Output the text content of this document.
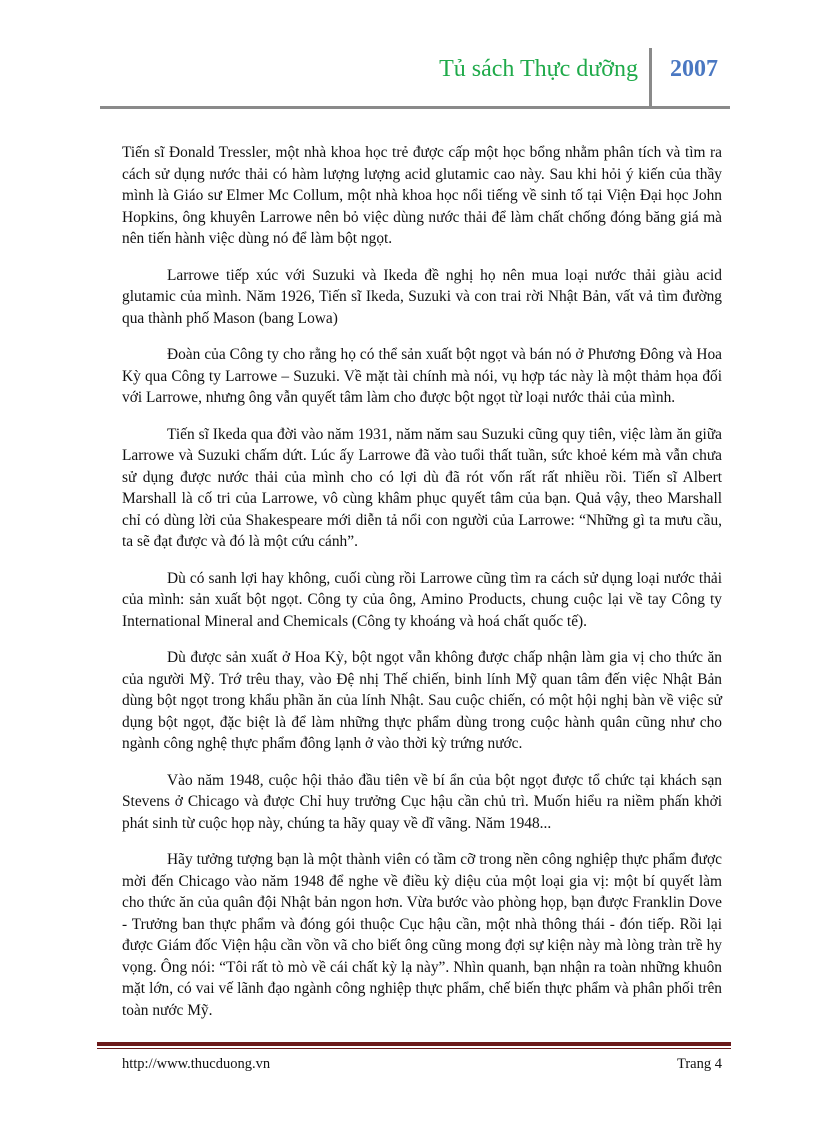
Tủ sách Thực dưỡng 2007

Tiến sĩ Đonald Tressler, một nhà khoa học trẻ được cấp một học bổng nhằm phân tích và tìm ra cách sử dụng nước thải có hàm lượng lượng acid glutamic cao này. Sau khi hỏi ý kiến của thầy mình là Giáo sư Elmer Mc Collum, một nhà khoa học nổi tiếng về sinh tố tại Viện Đại học John Hopkins, ông khuyên Larrowe nên bỏ việc dùng nước thải để làm chất chống đóng băng giá mà nên tiến hành việc dùng nó để làm bột ngọt.

Larrowe tiếp xúc với Suzuki và Ikeda đề nghị họ nên mua loại nước thải giàu acid glutamic của mình. Năm 1926, Tiến sĩ Ikeda, Suzuki và con trai rời Nhật Bản, vất vả tìm đường qua thành phố Mason (bang Lowa)

Đoàn của Công ty cho rằng họ có thể sản xuất bột ngọt và bán nó ở Phương Đông và Hoa Kỳ qua Công ty Larrowe – Suzuki. Về mặt tài chính mà nói, vụ hợp tác này là một thảm họa đối với Larrowe, nhưng ông vẫn quyết tâm làm cho được bột ngọt từ loại nước thải của mình.

Tiến sĩ Ikeda qua đời vào năm 1931, năm năm sau Suzuki cũng quy tiên, việc làm ăn giữa Larrowe và Suzuki chấm dứt. Lúc ấy Larrowe đã vào tuổi thất tuần, sức khoẻ kém mà vẫn chưa sử dụng được nước thải của mình cho có lợi dù đã rót vốn rất rất nhiều rồi. Tiến sĩ Albert Marshall là cố tri của Larrowe, vô cùng khâm phục quyết tâm của bạn. Quả vậy, theo Marshall chỉ có dùng lời của Shakespeare mới diễn tả nổi con người của Larrowe: “Những gì ta mưu cầu, ta sẽ đạt được và đó là một cứu cánh”.

Dù có sanh lợi hay không, cuối cùng rồi Larrowe cũng tìm ra cách sử dụng loại nước thải của mình: sản xuất bột ngọt. Công ty của ông, Amino Products, chung cuộc lại về tay Công ty International Mineral and Chemicals (Công ty khoáng và hoá chất quốc tế).

Dù được sản xuất ở Hoa Kỳ, bột ngọt vẫn không được chấp nhận làm gia vị cho thức ăn của người Mỹ. Trớ trêu thay, vào Đệ nhị Thế chiến, binh lính Mỹ quan tâm đến việc Nhật Bản dùng bột ngọt trong khẩu phần ăn của lính Nhật. Sau cuộc chiến, có một hội nghị bàn về việc sử dụng bột ngọt, đặc biệt là để làm những thực phẩm dùng trong cuộc hành quân cũng như cho ngành công nghệ thực phẩm đông lạnh ở vào thời kỳ trứng nước.

Vào năm 1948, cuộc hội thảo đầu tiên về bí ẩn của bột ngọt được tổ chức tại khách sạn Stevens ở Chicago và được Chỉ huy trưởng Cục hậu cần chủ trì. Muốn hiểu ra niềm phấn khởi phát sinh từ cuộc họp này, chúng ta hãy quay về dĩ vãng. Năm 1948...

Hãy tưởng tượng bạn là một thành viên có tầm cỡ trong nền công nghiệp thực phẩm được mời đến Chicago vào năm 1948 để nghe về điều kỳ diệu của một loại gia vị: một bí quyết làm cho thức ăn của quân đội Nhật bản ngon hơn. Vừa bước vào phòng họp, bạn được Franklin Dove - Trưởng ban thực phẩm và đóng gói thuộc Cục hậu cần, một nhà thông thái - đón tiếp. Rồi lại được Giám đốc Viện hậu cần vồn vã cho biết ông cũng mong đợi sự kiện này mà lòng tràn trề hy vọng. Ông nói: “Tôi rất tò mò về cái chất kỳ lạ này”. Nhìn quanh, bạn nhận ra toàn những khuôn mặt lớn, có vai vế lãnh đạo ngành công nghiệp thực phẩm, chế biến thực phẩm và phân phối trên toàn nước Mỹ.

http://www.thucduong.vn	Trang 4
